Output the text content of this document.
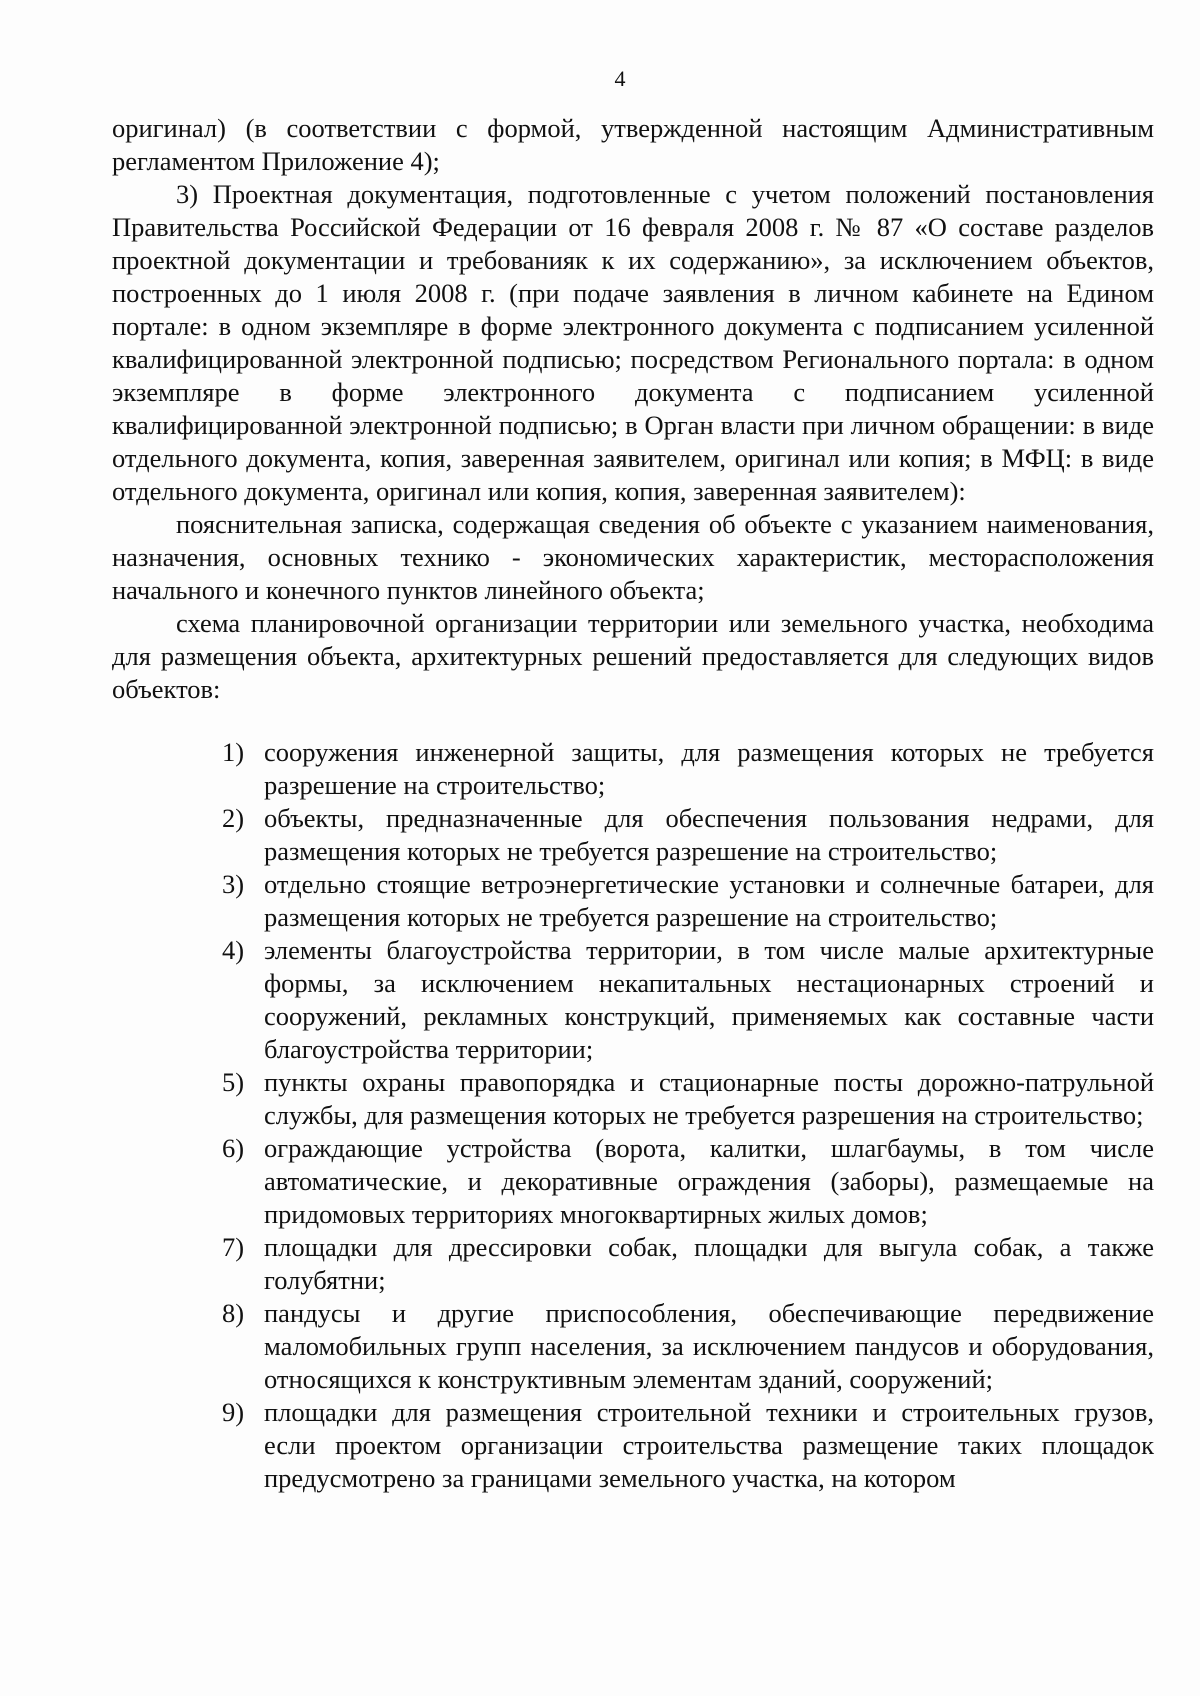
4

оригинал) (в соответствии с формой, утвержденной настоящим Административным регламентом Приложение 4);

3) Проектная документация, подготовленные с учетом положений постановления Правительства Российской Федерации от 16 февраля 2008 г. № 87 «О составе разделов проектной документации и требованияк к их содержанию», за исключением объектов, построенных до 1 июля 2008 г. (при подаче заявления в личном кабинете на Едином портале: в одном экземпляре в форме электронного документа с подписанием усиленной квалифицированной электронной подписью; посредством Регионального портала: в одном экземпляре в форме электронного документа с подписанием усиленной квалифицированной электронной подписью; в Орган власти при личном обращении: в виде отдельного документа, копия, заверенная заявителем, оригинал или копия; в МФЦ: в виде отдельного документа, оригинал или копия, копия, заверенная заявителем):

пояснительная записка, содержащая сведения об объекте с указанием наименования, назначения, основных технико - экономических характеристик, месторасположения начального и конечного пунктов линейного объекта;

схема планировочной организации территории или земельного участка, необходима для размещения объекта, архитектурных решений предоставляется для следующих видов объектов:

1) сооружения инженерной защиты, для размещения которых не требуется разрешение на строительство;
2) объекты, предназначенные для обеспечения пользования недрами, для размещения которых не требуется разрешение на строительство;
3) отдельно стоящие ветроэнергетические установки и солнечные батареи, для размещения которых не требуется разрешение на строительство;
4) элементы благоустройства территории, в том числе малые архитектурные формы, за исключением некапитальных нестационарных строений и сооружений, рекламных конструкций, применяемых как составные части благоустройства территории;
5) пункты охраны правопорядка и стационарные посты дорожно-патрульной службы, для размещения которых не требуется разрешения на строительство;
6) ограждающие устройства (ворота, калитки, шлагбаумы, в том числе автоматические, и декоративные ограждения (заборы), размещаемые на придомовых территориях многоквартирных жилых домов;
7) площадки для дрессировки собак, площадки для выгула собак, а также голубятни;
8) пандусы и другие приспособления, обеспечивающие передвижение маломобильных групп населения, за исключением пандусов и оборудования, относящихся к конструктивным элементам зданий, сооружений;
9) площадки для размещения строительной техники и строительных грузов, если проектом организации строительства размещение таких площадок предусмотрено за границами земельного участка, на котором
